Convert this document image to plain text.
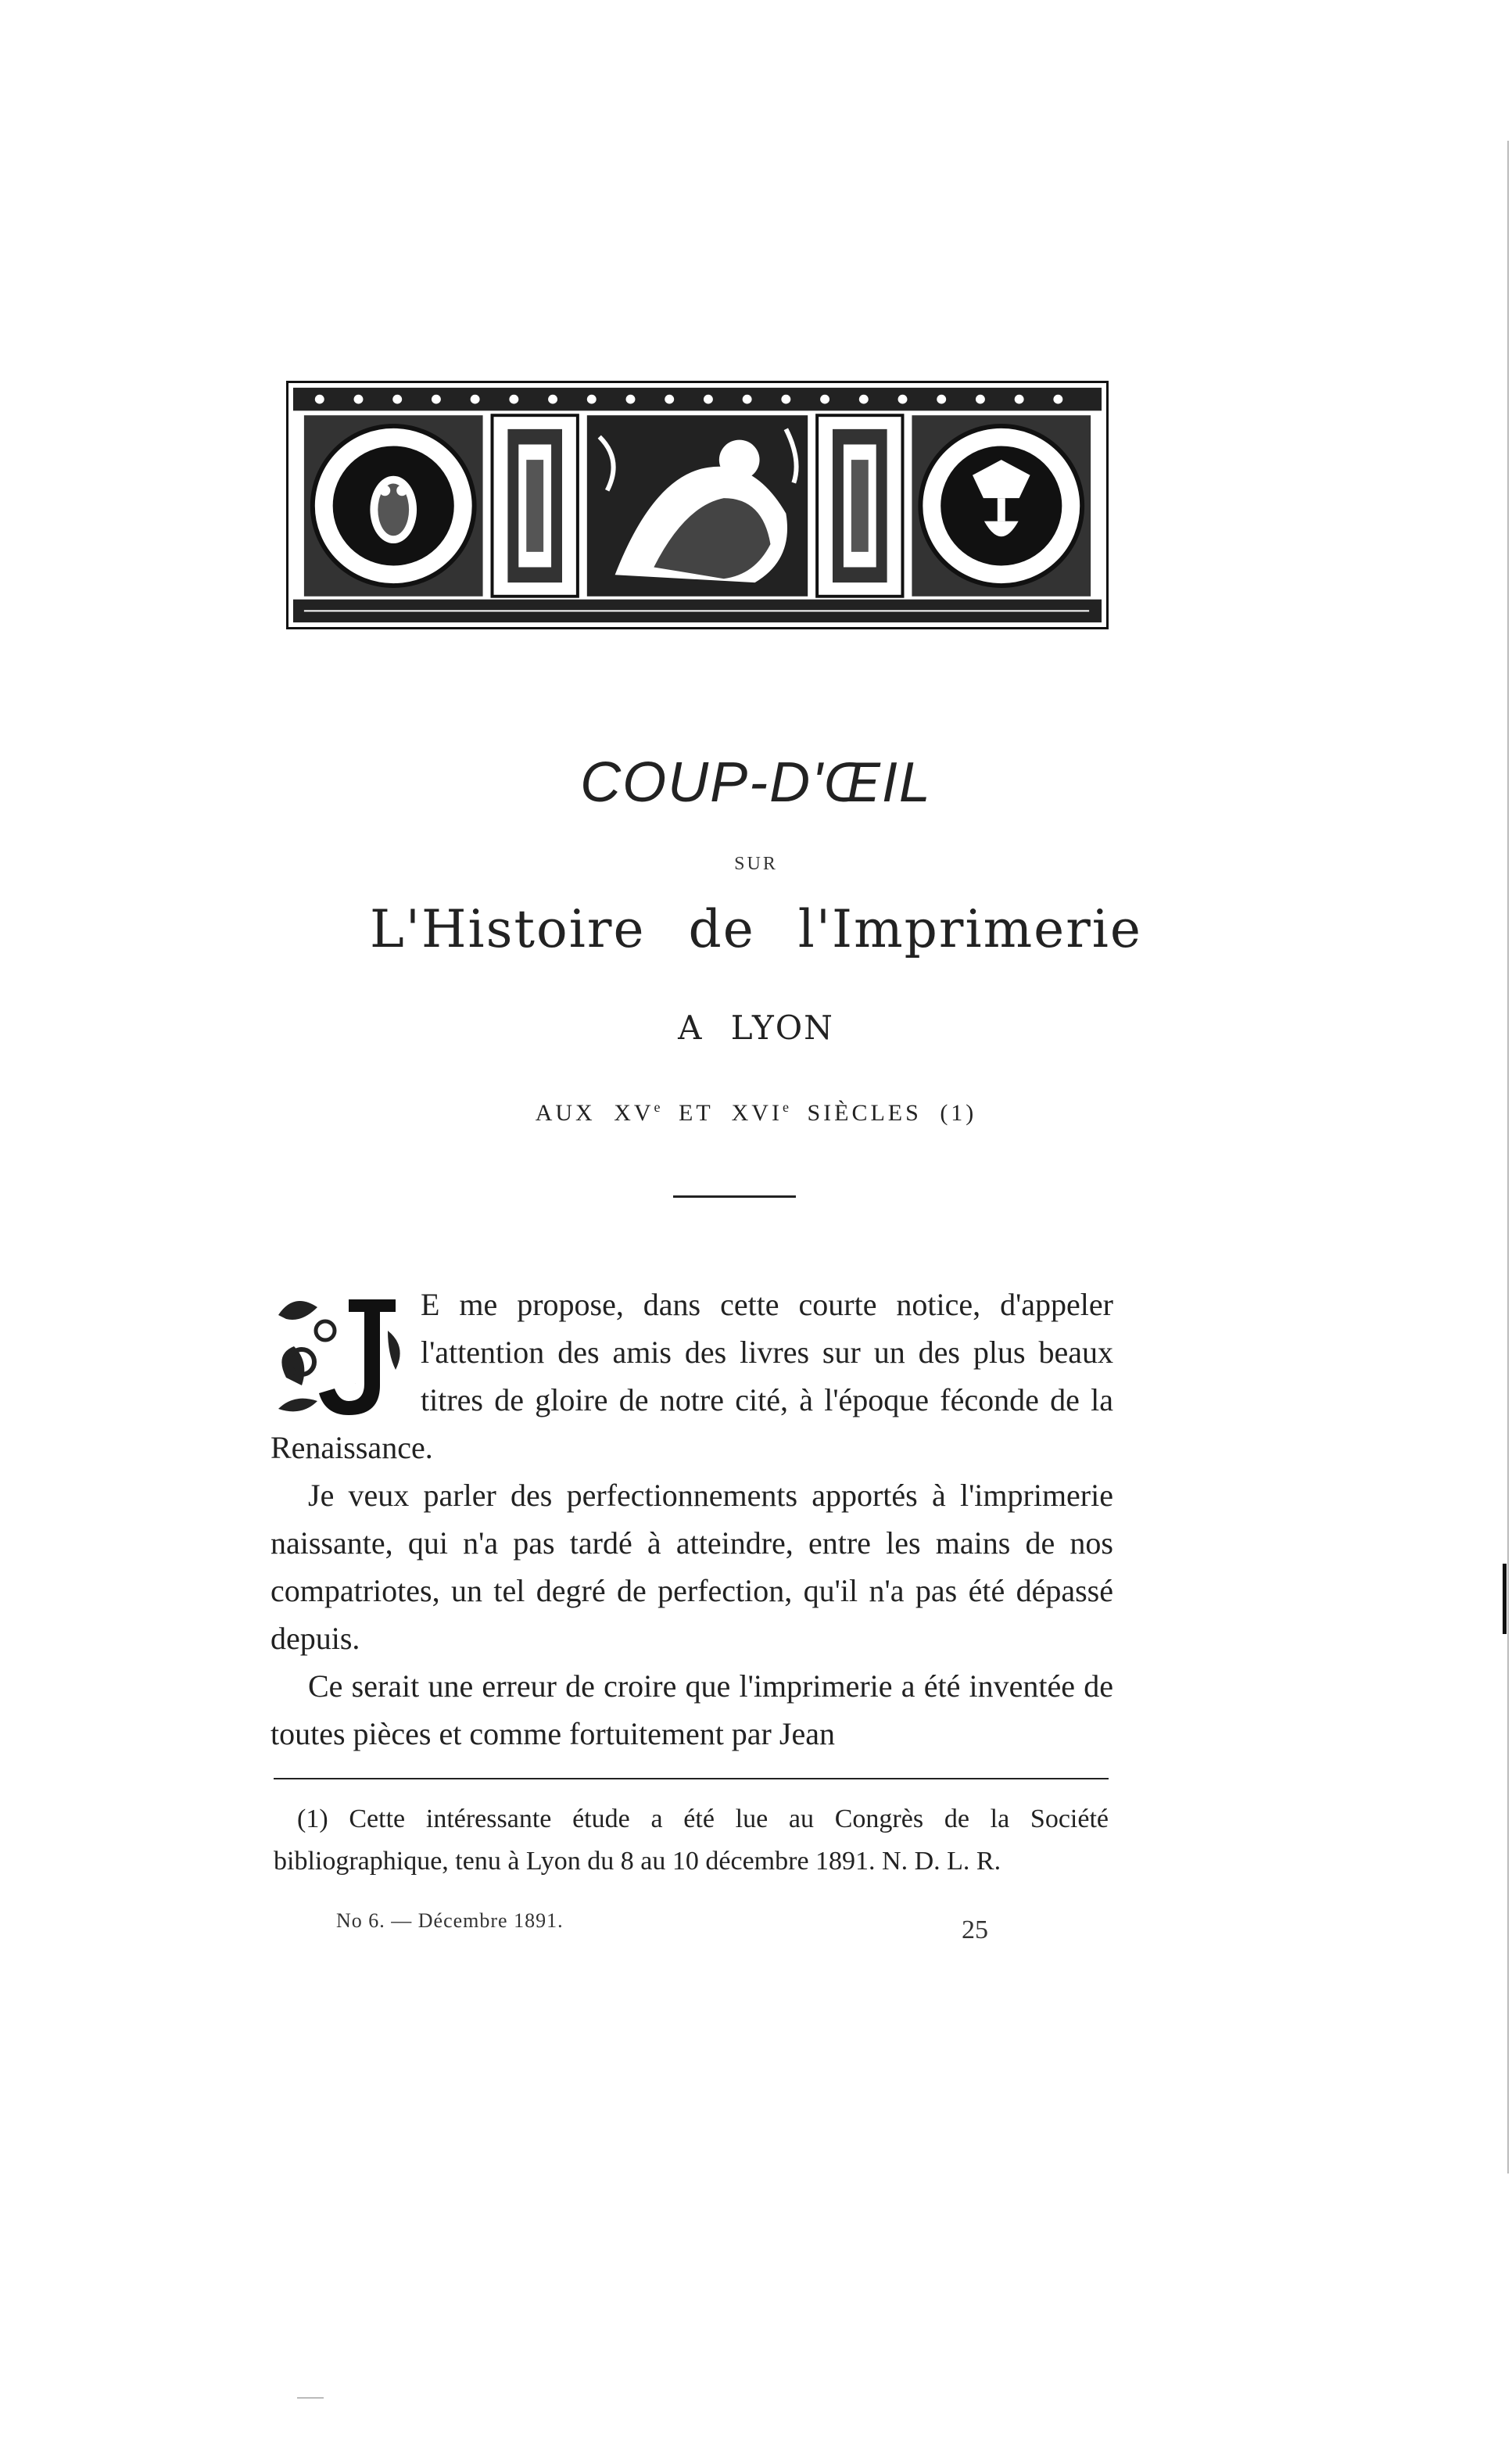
COUP-D'ŒIL
SUR
L'Histoire de l'Imprimerie
A LYON
AUX XVe ET XVIe SIÈCLES (1)

J
E me propose, dans cette courte notice, d'appeler l'attention des amis des livres sur un des plus beaux titres de gloire de notre cité, à l'époque féconde de la Renaissance.

Je veux parler des perfectionnements apportés à l'imprimerie naissante, qui n'a pas tardé à atteindre, entre les mains de nos compatriotes, un tel degré de perfection, qu'il n'a pas été dépassé depuis.

Ce serait une erreur de croire que l'imprimerie a été inventée de toutes pièces et comme fortuitement par Jean

(1) Cette intéressante étude a été lue au Congrès de la Société bibliographique, tenu à Lyon du 8 au 10 décembre 1891. N. D. L. R.

No 6. — Décembre 1891.	25
